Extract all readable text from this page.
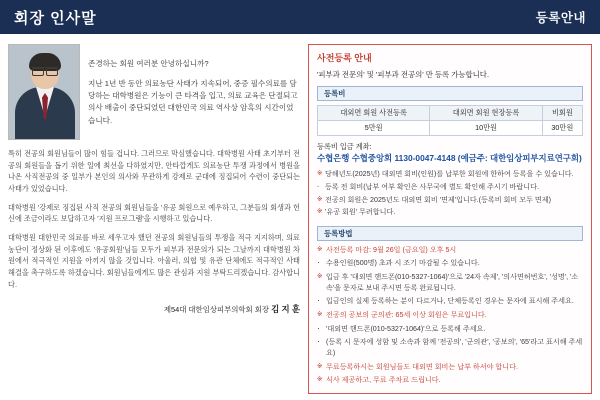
회장 인사말	등록안내

존경하는 회원 여러분 안녕하십니까?

지난 1년 반 동안 의료농단 사태가 지속되어, 중증 필수의료를 담당하는 대학병원은 기능이 큰 타격을 입고, 의료 교육은 단절되고 의사 배출이 중단되었던 대한민국 의료 역사상 암흑의 시간이었습니다.

특히 전공의 회원님들이 많이 힘들 겁니다. 그러므로 막심했습니다. 대학병원 사태 초기부터 전공의 회원들을 돕기 위한 일에 최선을 다하였지만, 안타깝게도 의료농단 투쟁 과정에서 병원을 나온 사직전공의 중 일부가 본인의 의사와 무관하게 강제로 군대에 징집되어 수련이 중단되는 사태가 있었습니다.

대학병원 '강제로 징집된 사직 전공의 회원님들을 '유공 회원으로 예우하고, 그분들의 회생과 헌신에 조금이라도 보답하고자 '지원 프로그램'을 시행하고 있습니다.

대학병원 대한민국 의료를 바로 세우고자 했던 전공의 회원님들의 투쟁을 적극 지지하며, 의료농단이 정상화 된 이후에도 '유공회원'님들 모두가 피부과 전문의가 되는 그날까지 대학병원 차원에서 적극적인 지원을 아끼지 않을 것입니다. 아울러, 의협 및 유관 단체에도 적극적인 사태 해결을 촉구하도록 하겠습니다. 회원님들에게도 많은 관심과 지원 부탁드리겠습니다. 감사합니다.

제54대 대한임상피부의학회 회장 김 지 훈
사전등록 안내
'피부과 전문의' 및 '피부과 전공의' 만 등록 가능합니다.
등록비
대외면 회원 사전등록	대외면 회원 현장등록	비회원
5만원	10만원	30만원
등록비 입금 계좌:
수협은행 수협중앙회 1130-0047-4148 (예금주: 대한임상피부지료연구회)
※ 당해년도(2025년) 대외면 회비(인원)를 납부한 회원에 한하여 등록을 수 있습니다.
- 등록 전 회비(납부 여부 확인은 사무국에 별도 확인해 주시기 바랍니다.
※ 전공의 회원은 2025년도 대외면 회비 '면제'입니다.(등록비 회비 모두 면제)
※ '유공 회원' 무려합니다.
등록방법
※ 사전등록 마감: 9월 26일 (금요일) 오후 5시
· 수용인원(500명) 초과 시 조기 마감될 수 있습니다.
※ 입금 후 '대외면 핸드폰(010-5327-1064)'으로 '24자 속제', '의사면허번호', '성명', '소속'을 문자로 보내 주시면 등록 완료됩니다.
· 입금인의 실제 등록하는 분이 다르거나, 단체등록인 경우는 문자에 표시해 주세요.
※ 전공의 공보의 군의관: 65세 이상 회원은 무료입니다.
· '대외면 핸드폰(010-5327-1064)'으로 등록해 주세요.
· (등록 시 문자에 성함 및 소속과 함께 '전공의', '군의관', '공보의', '65'라고 표시해 주세요)
※ 무료등록하시는 회원님들도 대외면 회비는 납부 하셔야 합니다.
※ 식사 제공하고, 무료 주차료 드립니다.
